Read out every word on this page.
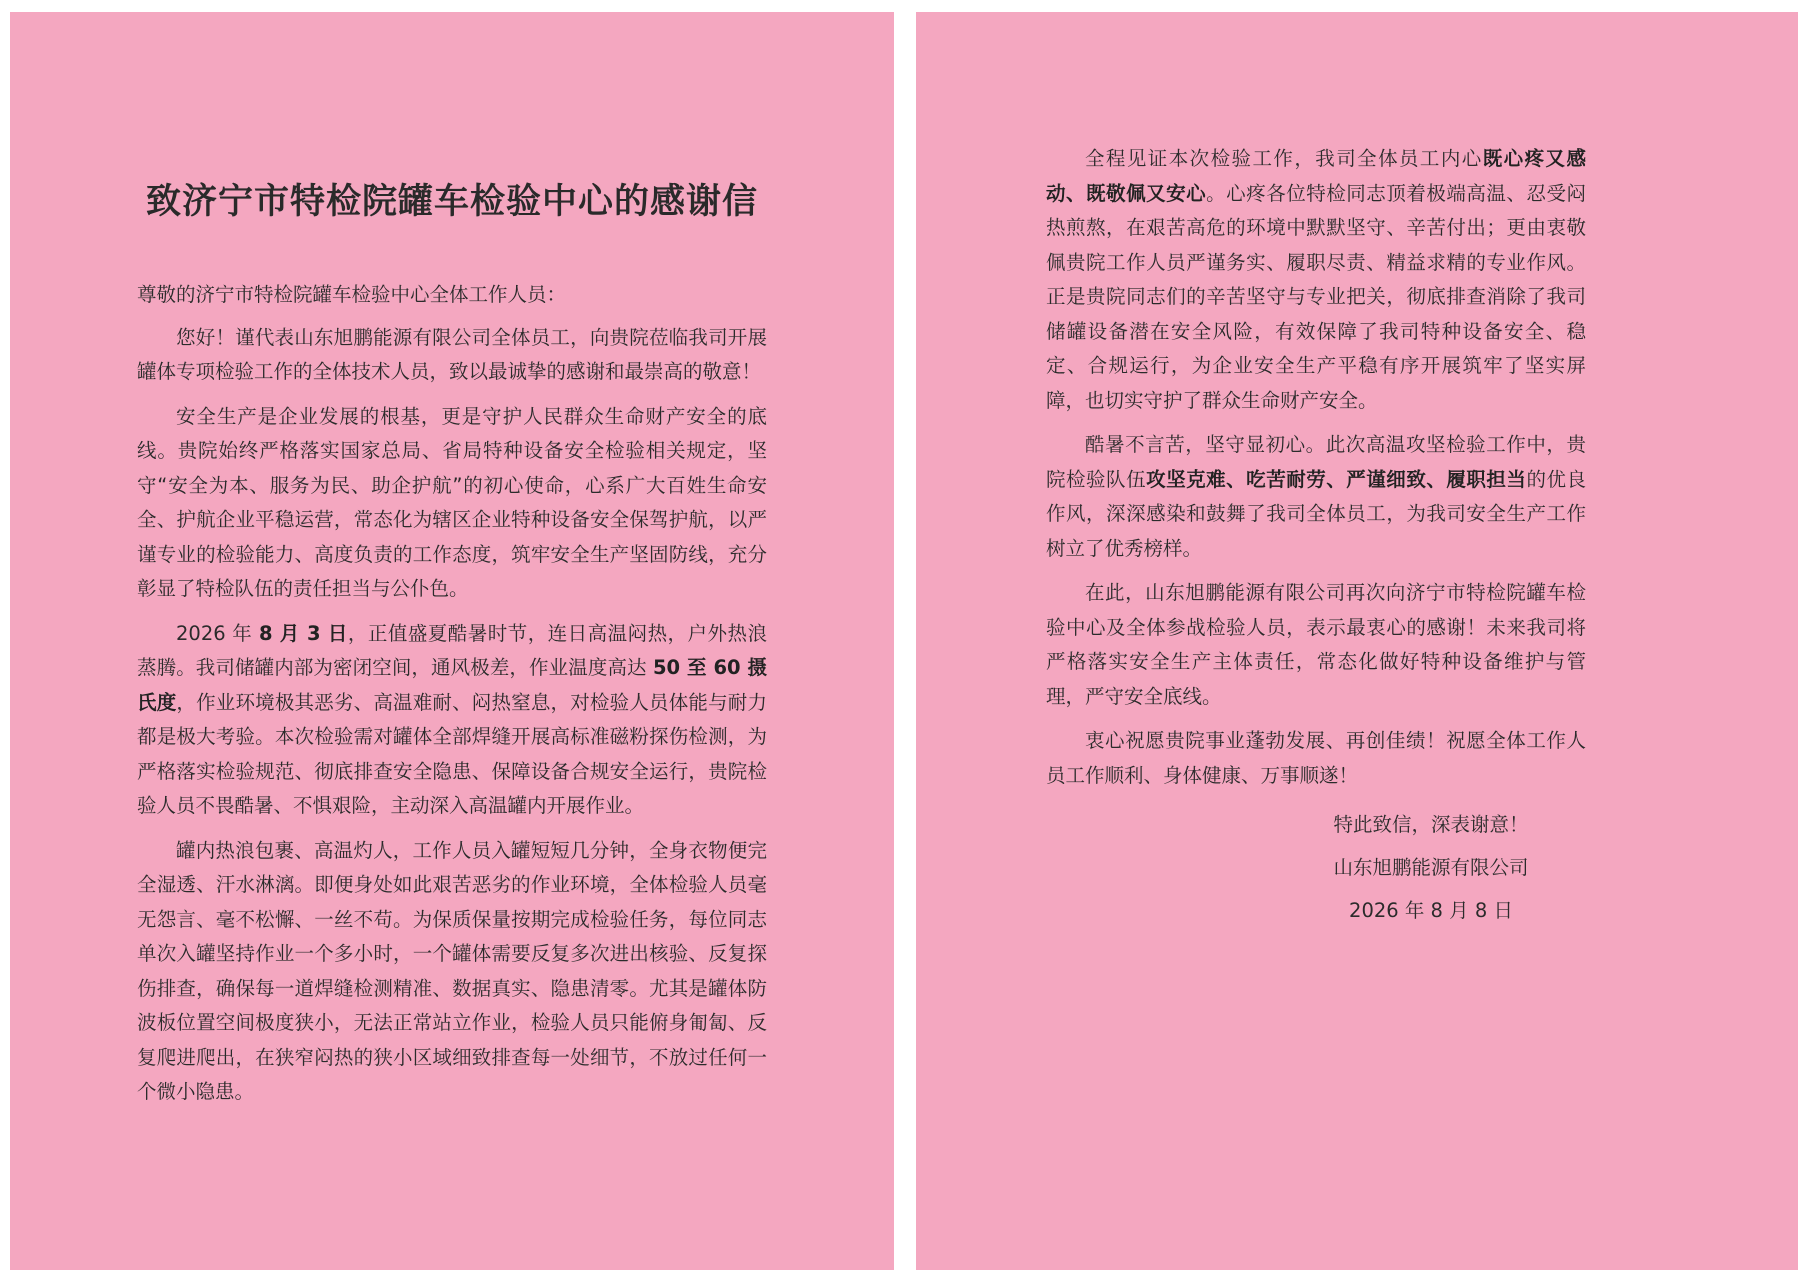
致济宁市特检院罐车检验中心的感谢信

尊敬的济宁市特检院罐车检验中心全体工作人员：

您好！谨代表山东旭鹏能源有限公司全体员工，向贵院莅临我司开展罐体专项检验工作的全体技术人员，致以最诚挚的感谢和最崇高的敬意！

安全生产是企业发展的根基，更是守护人民群众生命财产安全的底线。贵院始终严格落实国家总局、省局特种设备安全检验相关规定，坚守“安全为本、服务为民、助企护航”的初心使命，心系广大百姓生命安全、护航企业平稳运营，常态化为辖区企业特种设备安全保驾护航，以严谨专业的检验能力、高度负责的工作态度，筑牢安全生产坚固防线，充分彰显了特检队伍的责任担当与公仆色。

2026 年 8 月 3 日，正值盛夏酷暑时节，连日高温闷热，户外热浪蒸腾。我司储罐内部为密闭空间，通风极差，作业温度高达 50 至 60 摄氏度，作业环境极其恶劣、高温难耐、闷热窒息，对检验人员体能与耐力都是极大考验。本次检验需对罐体全部焊缝开展高标准磁粉探伤检测，为严格落实检验规范、彻底排查安全隐患、保障设备合规安全运行，贵院检验人员不畏酷暑、不惧艰险，主动深入高温罐内开展作业。

罐内热浪包裹、高温灼人，工作人员入罐短短几分钟，全身衣物便完全湿透、汗水淋漓。即便身处如此艰苦恶劣的作业环境，全体检验人员毫无怨言、毫不松懈、一丝不苟。为保质保量按期完成检验任务，每位同志单次入罐坚持作业一个多小时，一个罐体需要反复多次进出核验、反复探伤排查，确保每一道焊缝检测精准、数据真实、隐患清零。尤其是罐体防波板位置空间极度狭小，无法正常站立作业，检验人员只能俯身匍匐、反复爬进爬出，在狭窄闷热的狭小区域细致排查每一处细节，不放过任何一个微小隐患。

全程见证本次检验工作，我司全体员工内心既心疼又感动、既敬佩又安心。心疼各位特检同志顶着极端高温、忍受闷热煎熬，在艰苦高危的环境中默默坚守、辛苦付出；更由衷敬佩贵院工作人员严谨务实、履职尽责、精益求精的专业作风。正是贵院同志们的辛苦坚守与专业把关，彻底排查消除了我司储罐设备潜在安全风险，有效保障了我司特种设备安全、稳定、合规运行，为企业安全生产平稳有序开展筑牢了坚实屏障，也切实守护了群众生命财产安全。

酷暑不言苦，坚守显初心。此次高温攻坚检验工作中，贵院检验队伍攻坚克难、吃苦耐劳、严谨细致、履职担当的优良作风，深深感染和鼓舞了我司全体员工，为我司安全生产工作树立了优秀榜样。

在此，山东旭鹏能源有限公司再次向济宁市特检院罐车检验中心及全体参战检验人员，表示最衷心的感谢！未来我司将严格落实安全生产主体责任，常态化做好特种设备维护与管理，严守安全底线。

衷心祝愿贵院事业蓬勃发展、再创佳绩！祝愿全体工作人员工作顺利、身体健康、万事顺遂！

特此致信，深表谢意！
山东旭鹏能源有限公司
2026 年 8 月 8 日
